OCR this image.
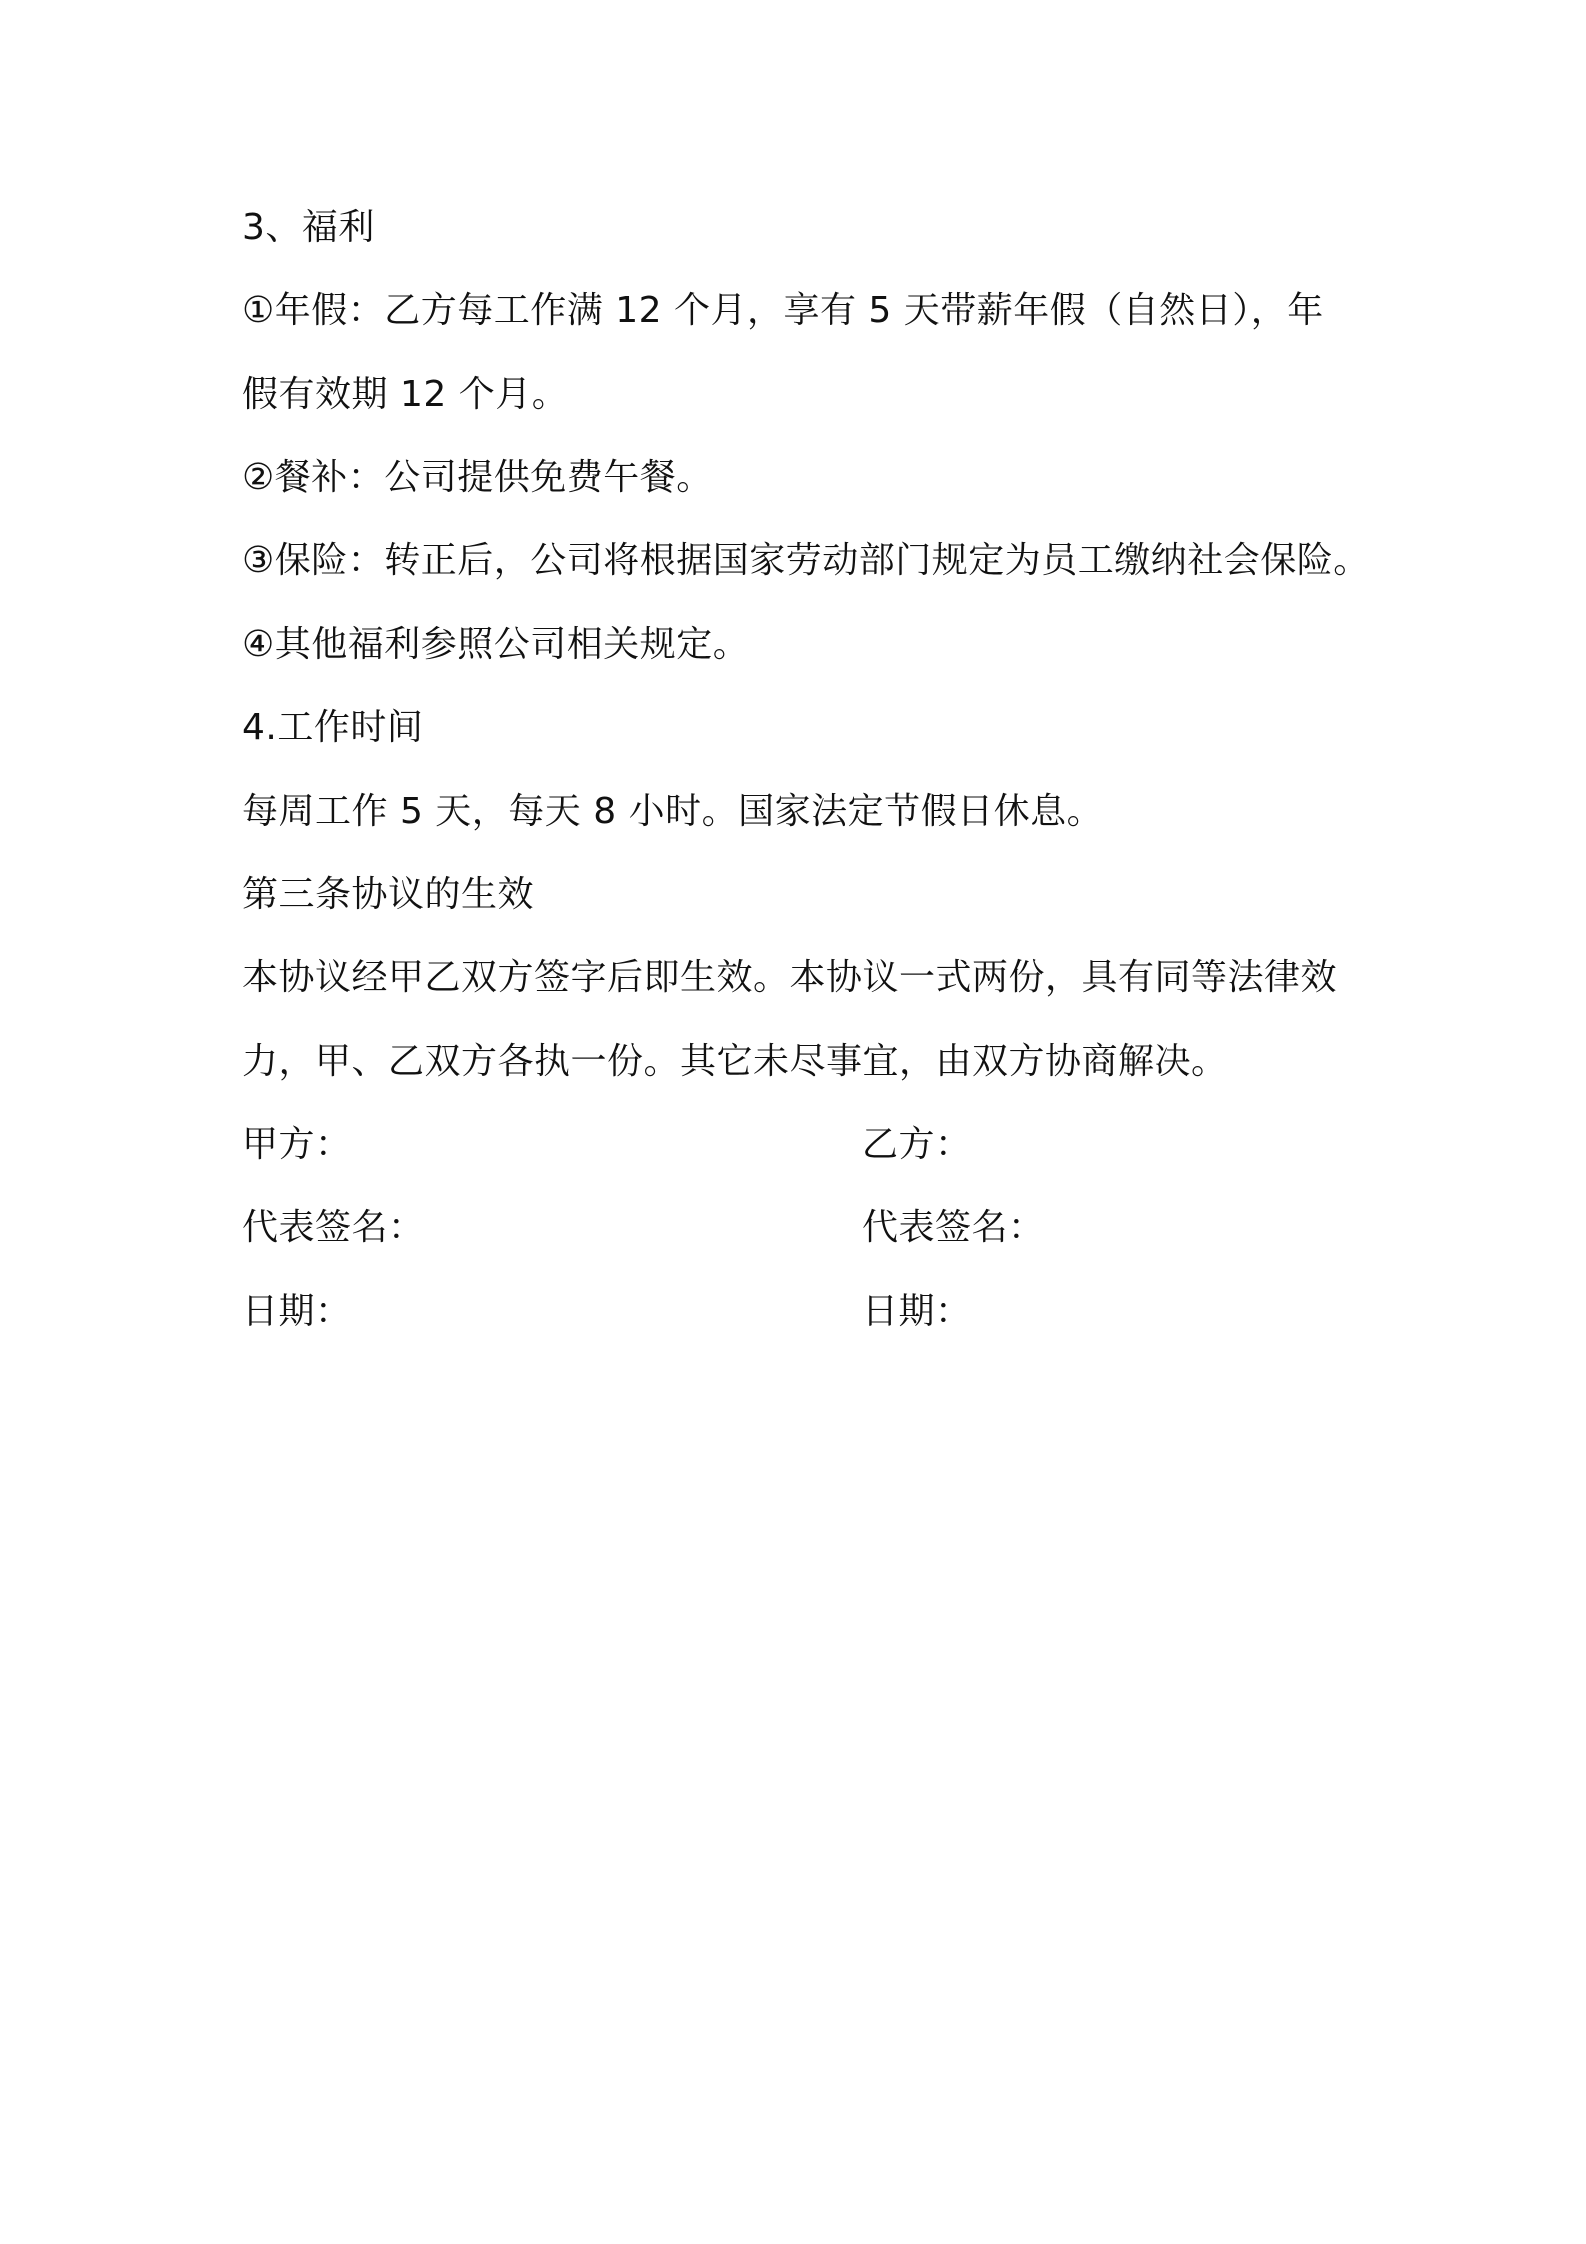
3、福利
①年假：乙方每工作满 12 个月，享有 5 天带薪年假（自然日），年
假有效期 12 个月。
②餐补：公司提供免费午餐。
③保险：转正后，公司将根据国家劳动部门规定为员工缴纳社会保险。
④其他福利参照公司相关规定。
4.工作时间
每周工作 5 天，每天 8 小时。国家法定节假日休息。
第三条协议的生效
本协议经甲乙双方签字后即生效。本协议一式两份，具有同等法律效
力，甲、乙双方各执一份。其它未尽事宜，由双方协商解决。
甲方：	乙方：
代表签名：	代表签名：
日期：	日期：
